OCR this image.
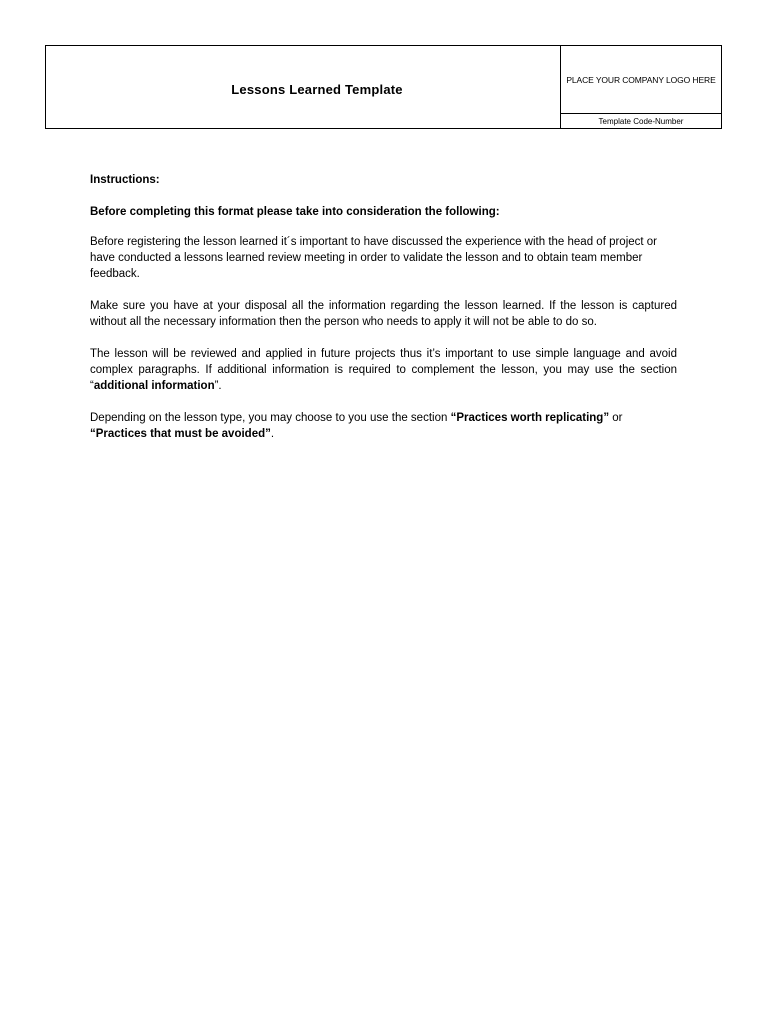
Lessons Learned Template
PLACE YOUR COMPANY LOGO HERE
Template Code-Number

Instructions:

Before completing this format please take into consideration the following:

Before registering the lesson learned it´s important to have discussed the experience with the head of project or have conducted a lessons learned review meeting in order to validate the lesson and to obtain team member feedback.

Make sure you have at your disposal all the information regarding the lesson learned. If the lesson is captured without all the necessary information then the person who needs to apply it will not be able to do so.

The lesson will be reviewed and applied in future projects thus it’s important to use simple language and avoid complex paragraphs. If additional information is required to complement the lesson, you may use the section “additional information”.

Depending on the lesson type, you may choose to you use the section “Practices worth replicating” or “Practices that must be avoided”.
